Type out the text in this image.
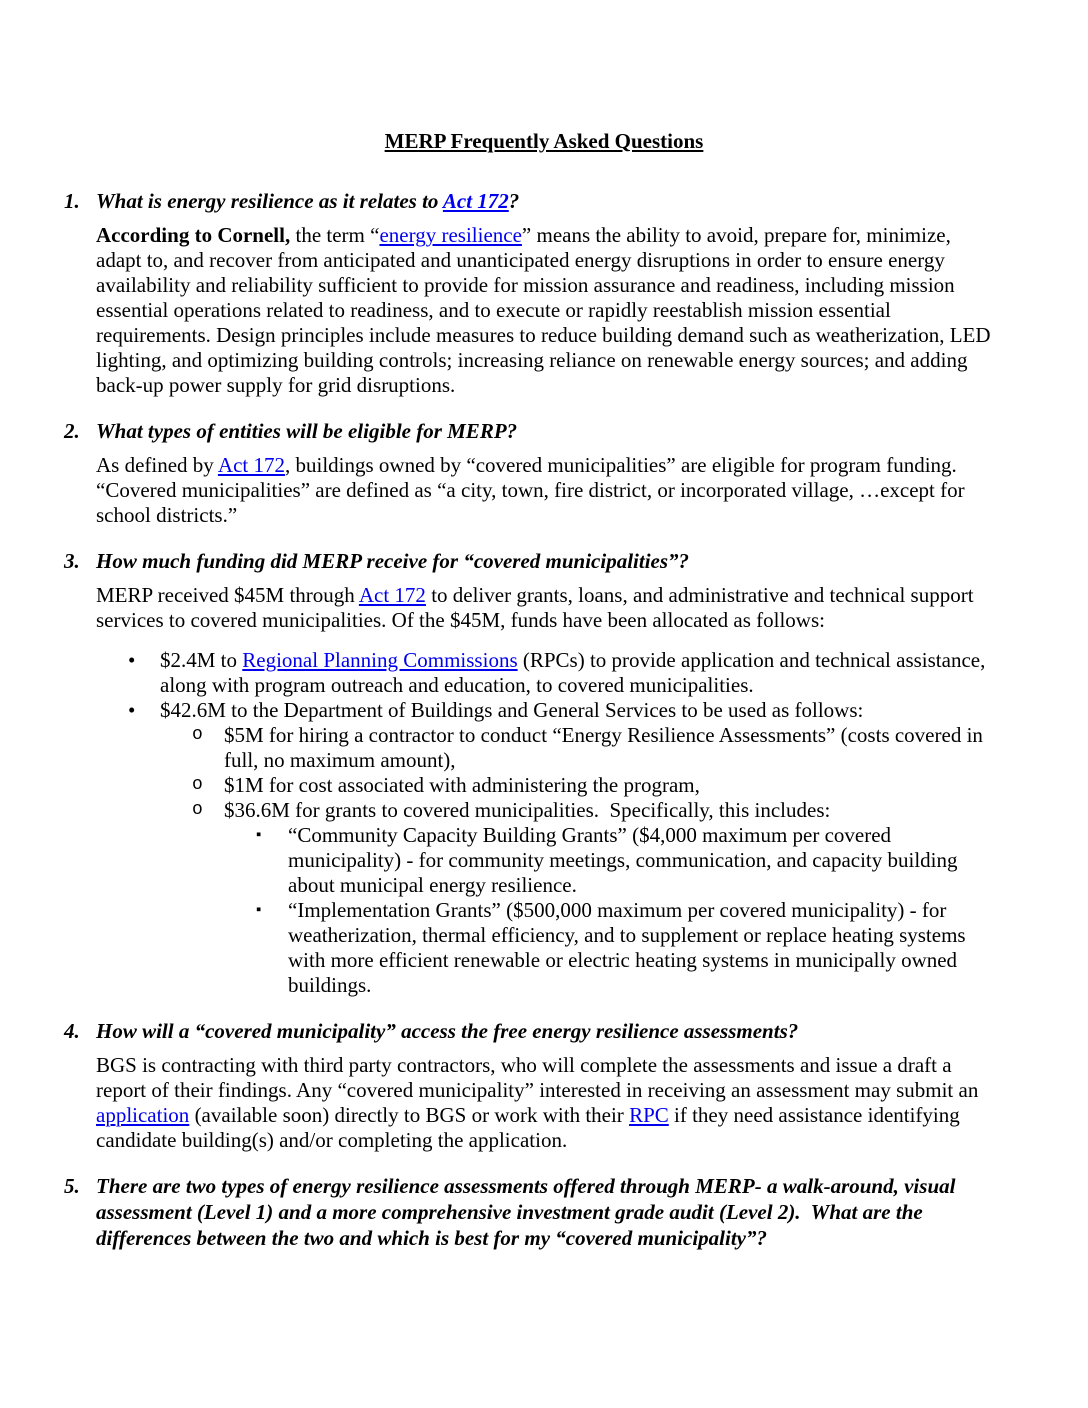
MERP Frequently Asked Questions
1. What is energy resilience as it relates to Act 172?

According to Cornell, the term “energy resilience” means the ability to avoid, prepare for, minimize, adapt to, and recover from anticipated and unanticipated energy disruptions in order to ensure energy availability and reliability sufficient to provide for mission assurance and readiness, including mission essential operations related to readiness, and to execute or rapidly reestablish mission essential requirements. Design principles include measures to reduce building demand such as weatherization, LED lighting, and optimizing building controls; increasing reliance on renewable energy sources; and adding back-up power supply for grid disruptions.

2. What types of entities will be eligible for MERP?

As defined by Act 172, buildings owned by “covered municipalities” are eligible for program funding. “Covered municipalities” are defined as “a city, town, fire district, or incorporated village, …except for school districts.”

3. How much funding did MERP receive for “covered municipalities”?

MERP received $45M through Act 172 to deliver grants, loans, and administrative and technical support services to covered municipalities. Of the $45M, funds have been allocated as follows:

•	$2.4M to Regional Planning Commissions (RPCs) to provide application and technical assistance, along with program outreach and education, to covered municipalities.
•	$42.6M to the Department of Buildings and General Services to be used as follows:
o	$5M for hiring a contractor to conduct “Energy Resilience Assessments” (costs covered in full, no maximum amount),
o	$1M for cost associated with administering the program,
o	$36.6M for grants to covered municipalities.  Specifically, this includes:
▪	“Community Capacity Building Grants” ($4,000 maximum per covered municipality) - for community meetings, communication, and capacity building about municipal energy resilience.
▪	“Implementation Grants” ($500,000 maximum per covered municipality) - for weatherization, thermal efficiency, and to supplement or replace heating systems with more efficient renewable or electric heating systems in municipally owned buildings.
4. How will a “covered municipality” access the free energy resilience assessments?

BGS is contracting with third party contractors, who will complete the assessments and issue a draft a report of their findings. Any “covered municipality” interested in receiving an assessment may submit an application (available soon) directly to BGS or work with their RPC if they need assistance identifying candidate building(s) and/or completing the application.

5. There are two types of energy resilience assessments offered through MERP- a walk-around, visual assessment (Level 1) and a more comprehensive investment grade audit (Level 2).  What are the differences between the two and which is best for my “covered municipality”?
